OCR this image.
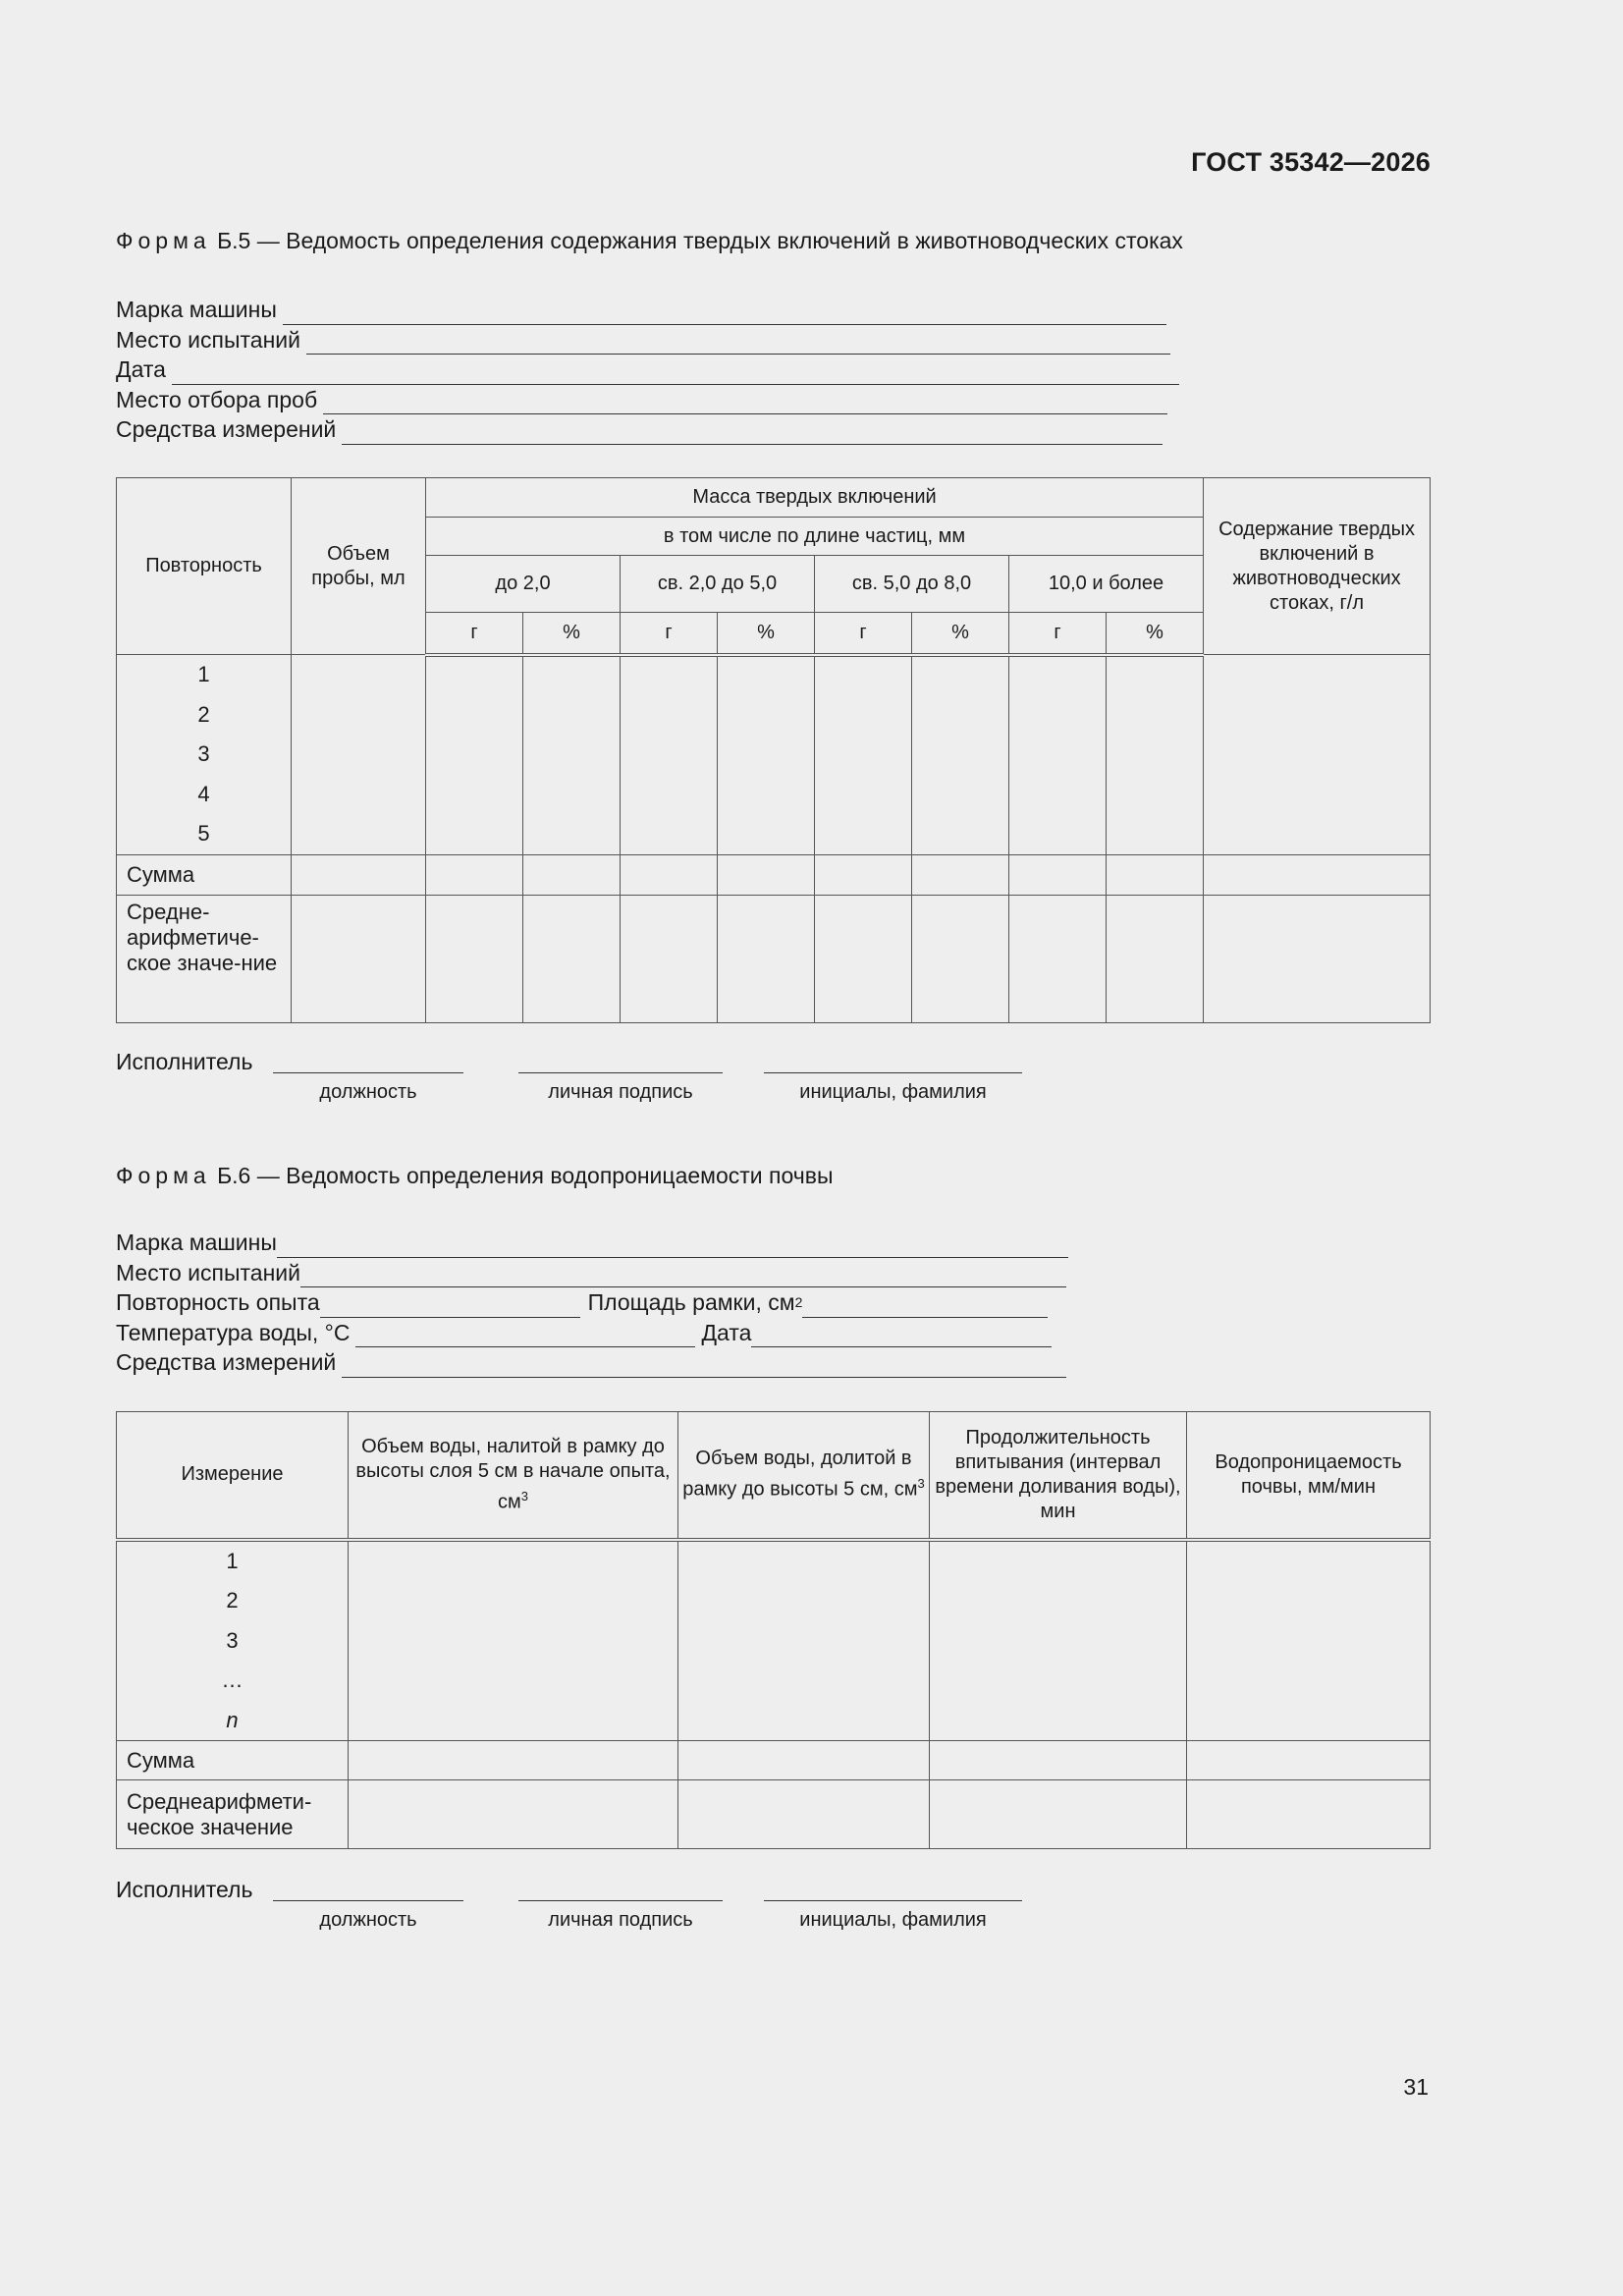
ГОСТ 35342—2026
Форма Б.5 — Ведомость определения содержания твердых включений в животноводческих стоках
Марка машины
Место испытаний
Дата
Место отбора проб
Средства измерений
Повторность	Объем пробы, мл	Масса твердых включений								Содержание твердых включений в животноводческих стоках, г/л
		в том числе по длине частиц, мм								
		до 2,0		св. 2,0 до 5,0		св. 5,0 до 8,0		10,0 и более		
		г	%	г	%	г	%	г	%	

1
2
3
4
5										

Сумма										
Средне-арифметиче-ское значе-ние										
Исполнитель
должность	личная подпись	инициалы, фамилия
Форма Б.6 — Ведомость определения водопроницаемости почвы
Марка машины
Место испытаний
Повторность опыта	Площадь рамки, см 2
Температура воды, °С	Дата
Средства измерений
Измерение	Объем воды, налитой в рамку до высоты слоя 5 см в начале опыта, $см^3$	Объем воды, долитой в рамку до высоты 5 см, $см^3$	Продолжительность впитывания (интервал времени доливания воды), мин	Водопроницаемость почвы, мм/мин

1
2
3
…
n				

Сумма				
Среднеарифмети-ческое значение				
Исполнитель
должность	личная подпись	инициалы, фамилия
31
